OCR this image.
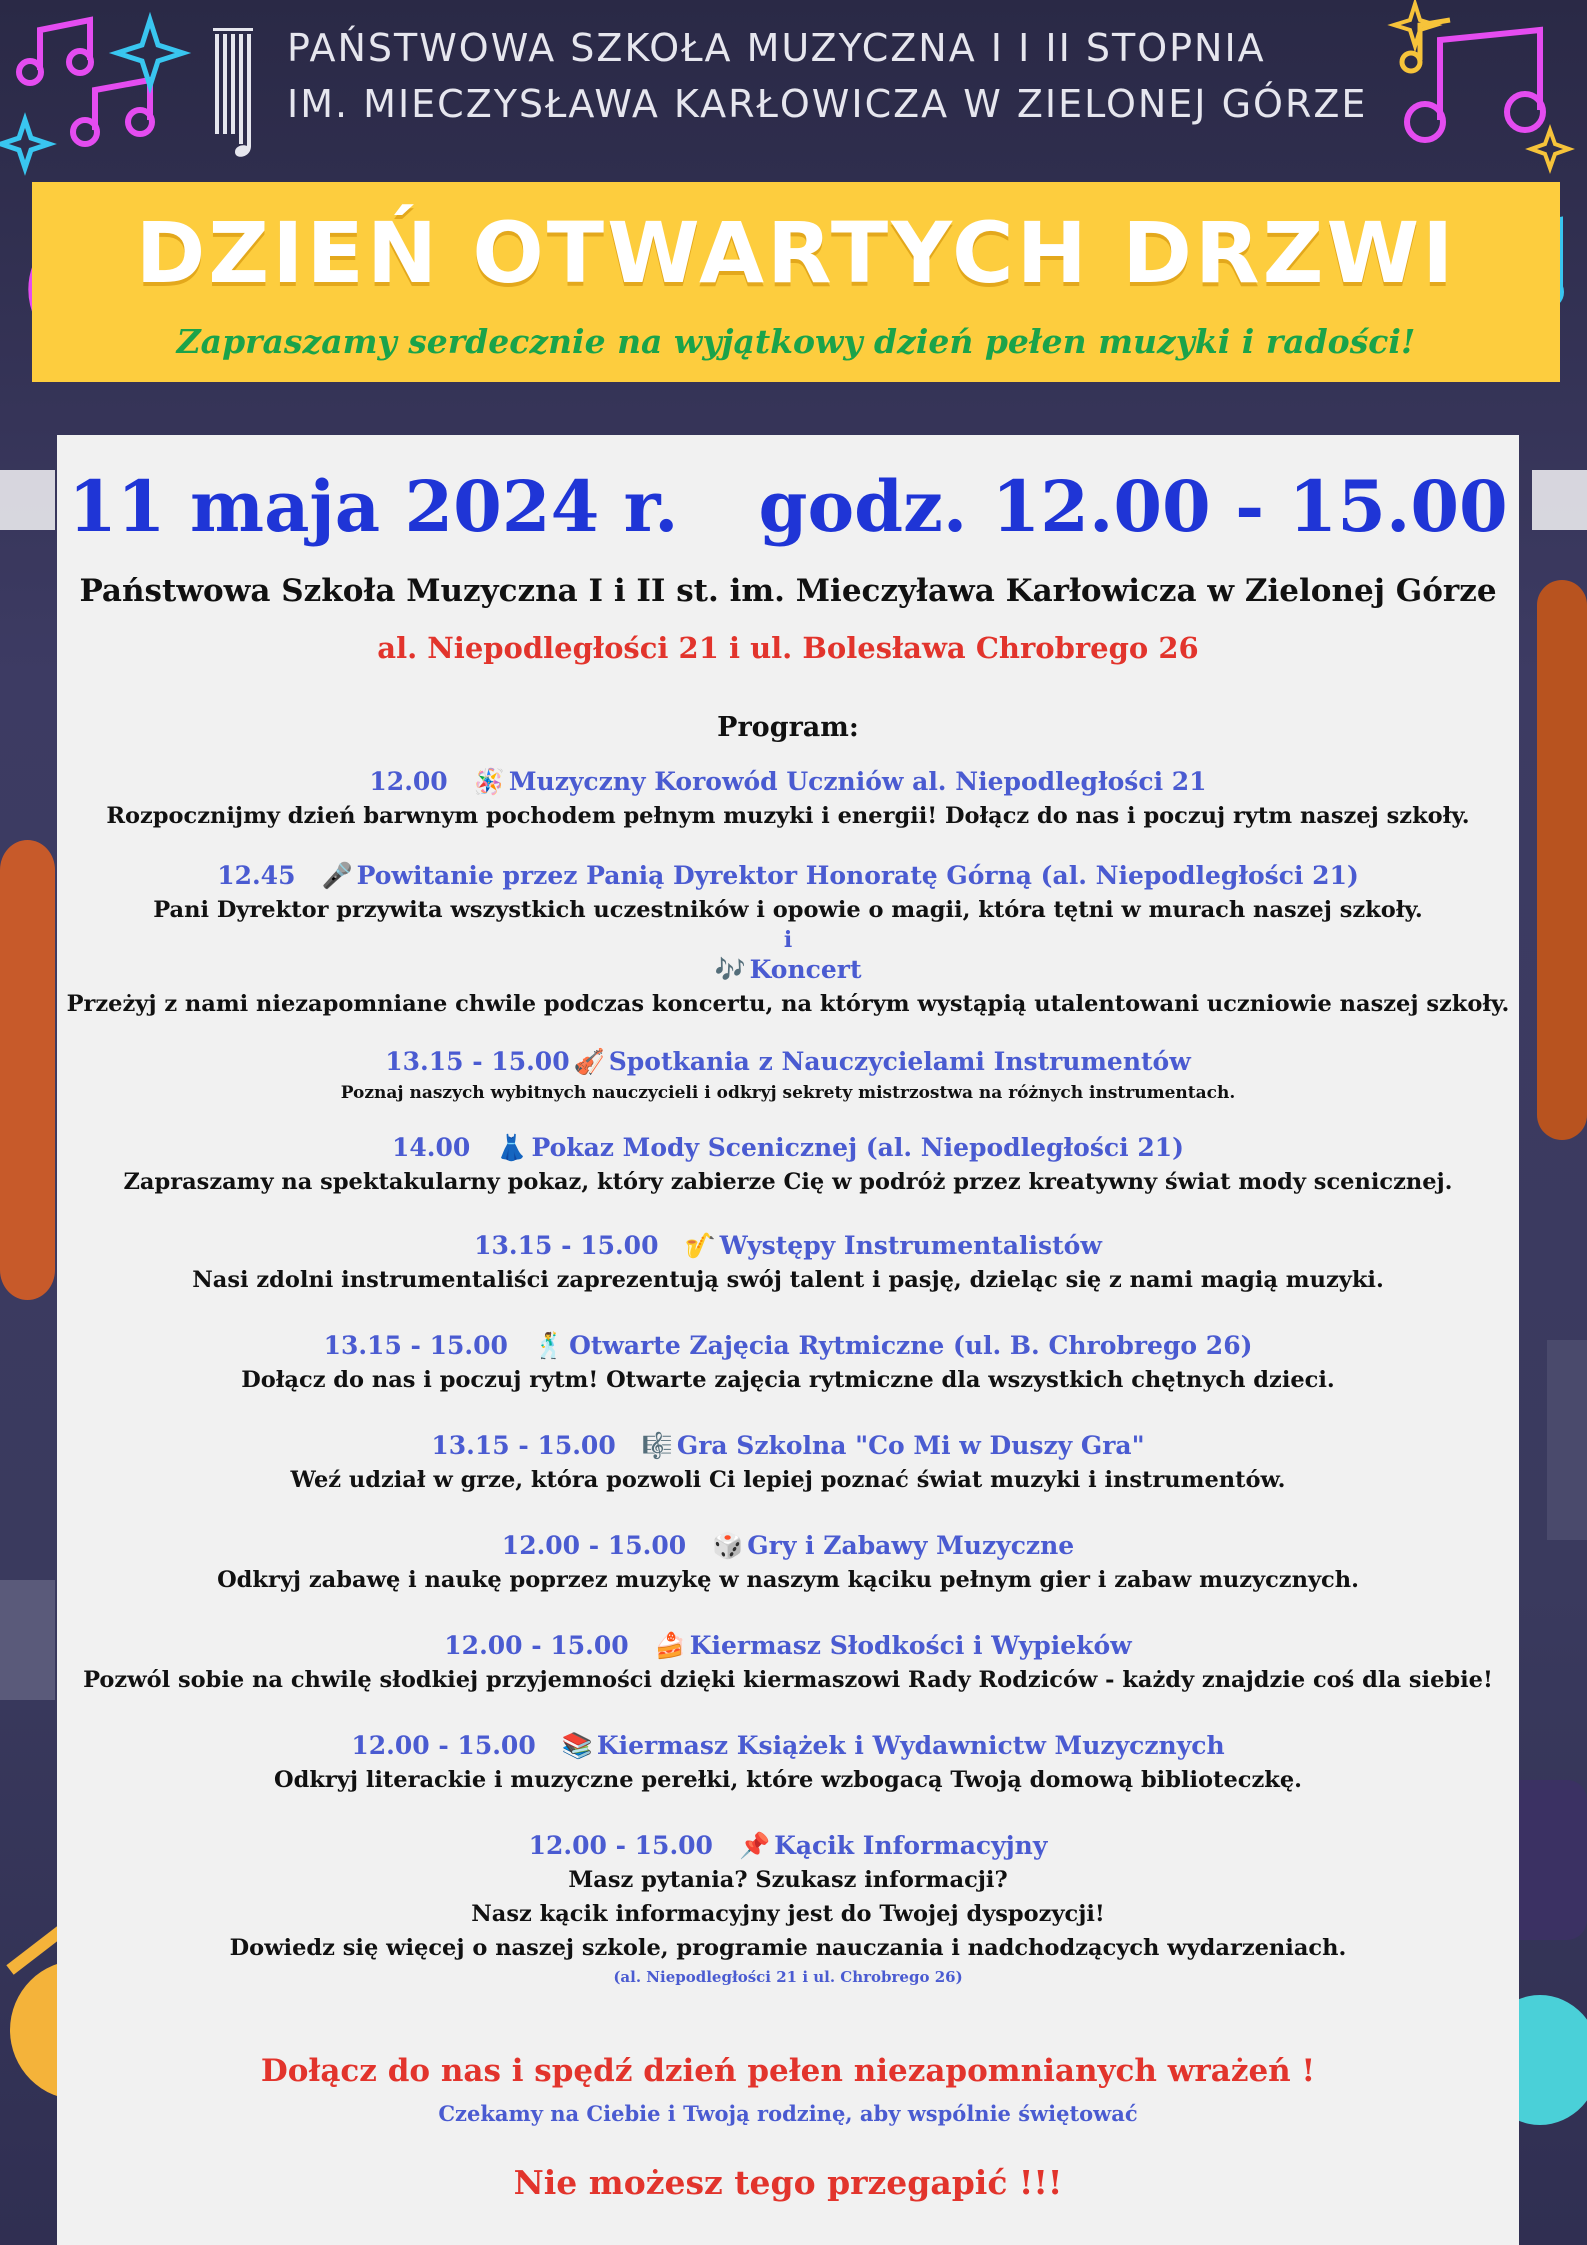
PAŃSTWOWA SZKOŁA MUZYCZNA I I II STOPNIA
IM. MIECZYSŁAWA KARŁOWICZA W ZIELONEJ GÓRZE
DZIEŃ OTWARTYCH DRZWI
Zapraszamy serdecznie na wyjątkowy dzień pełen muzyki i radości!
11 maja 2024 r. godz. 12.00 - 15.00
Państwowa Szkoła Muzyczna I i II st. im. Mieczyława Karłowicza w Zielonej Górze
al. Niepodległości 21 i ul. Bolesława Chrobrego 26
Program:
12.00 🪅 Muzyczny Korowód Uczniów al. Niepodległości 21
Rozpocznijmy dzień barwnym pochodem pełnym muzyki i energii! Dołącz do nas i poczuj rytm naszej szkoły.
12.45 🎤 Powitanie przez Panią Dyrektor Honoratę Górną (al. Niepodległości 21)
Pani Dyrektor przywita wszystkich uczestników i opowie o magii, która tętni w murach naszej szkoły.
i
🎶 Koncert
Przeżyj z nami niezapomniane chwile podczas koncertu, na którym wystąpią utalentowani uczniowie naszej szkoły.
13.15 - 15.00 🎻 Spotkania z Nauczycielami Instrumentów
Poznaj naszych wybitnych nauczycieli i odkryj sekrety mistrzostwa na różnych instrumentach.
14.00 👗 Pokaz Mody Scenicznej (al. Niepodległości 21)
Zapraszamy na spektakularny pokaz, który zabierze Cię w podróż przez kreatywny świat mody scenicznej.
13.15 - 15.00 🎷 Występy Instrumentalistów
Nasi zdolni instrumentaliści zaprezentują swój talent i pasję, dzieląc się z nami magią muzyki.
13.15 - 15.00 🕺 Otwarte Zajęcia Rytmiczne (ul. B. Chrobrego 26)
Dołącz do nas i poczuj rytm! Otwarte zajęcia rytmiczne dla wszystkich chętnych dzieci.
13.15 - 15.00 🎼 Gra Szkolna "Co Mi w Duszy Gra"
Weź udział w grze, która pozwoli Ci lepiej poznać świat muzyki i instrumentów.
12.00 - 15.00 🎲 Gry i Zabawy Muzyczne
Odkryj zabawę i naukę poprzez muzykę w naszym kąciku pełnym gier i zabaw muzycznych.
12.00 - 15.00 🍰 Kiermasz Słodkości i Wypieków
Pozwól sobie na chwilę słodkiej przyjemności dzięki kiermaszowi Rady Rodziców - każdy znajdzie coś dla siebie!
12.00 - 15.00 📚 Kiermasz Książek i Wydawnictw Muzycznych
Odkryj literackie i muzyczne perełki, które wzbogacą Twoją domową biblioteczkę.
12.00 - 15.00 📌 Kącik Informacyjny
Masz pytania? Szukasz informacji?
Nasz kącik informacyjny jest do Twojej dyspozycji!
Dowiedz się więcej o naszej szkole, programie nauczania i nadchodzących wydarzeniach.
(al. Niepodległości 21 i ul. Chrobrego 26)
Dołącz do nas i spędź dzień pełen niezapomnianych wrażeń !
Czekamy na Ciebie i Twoją rodzinę, aby wspólnie świętować
Nie możesz tego przegapić !!!
